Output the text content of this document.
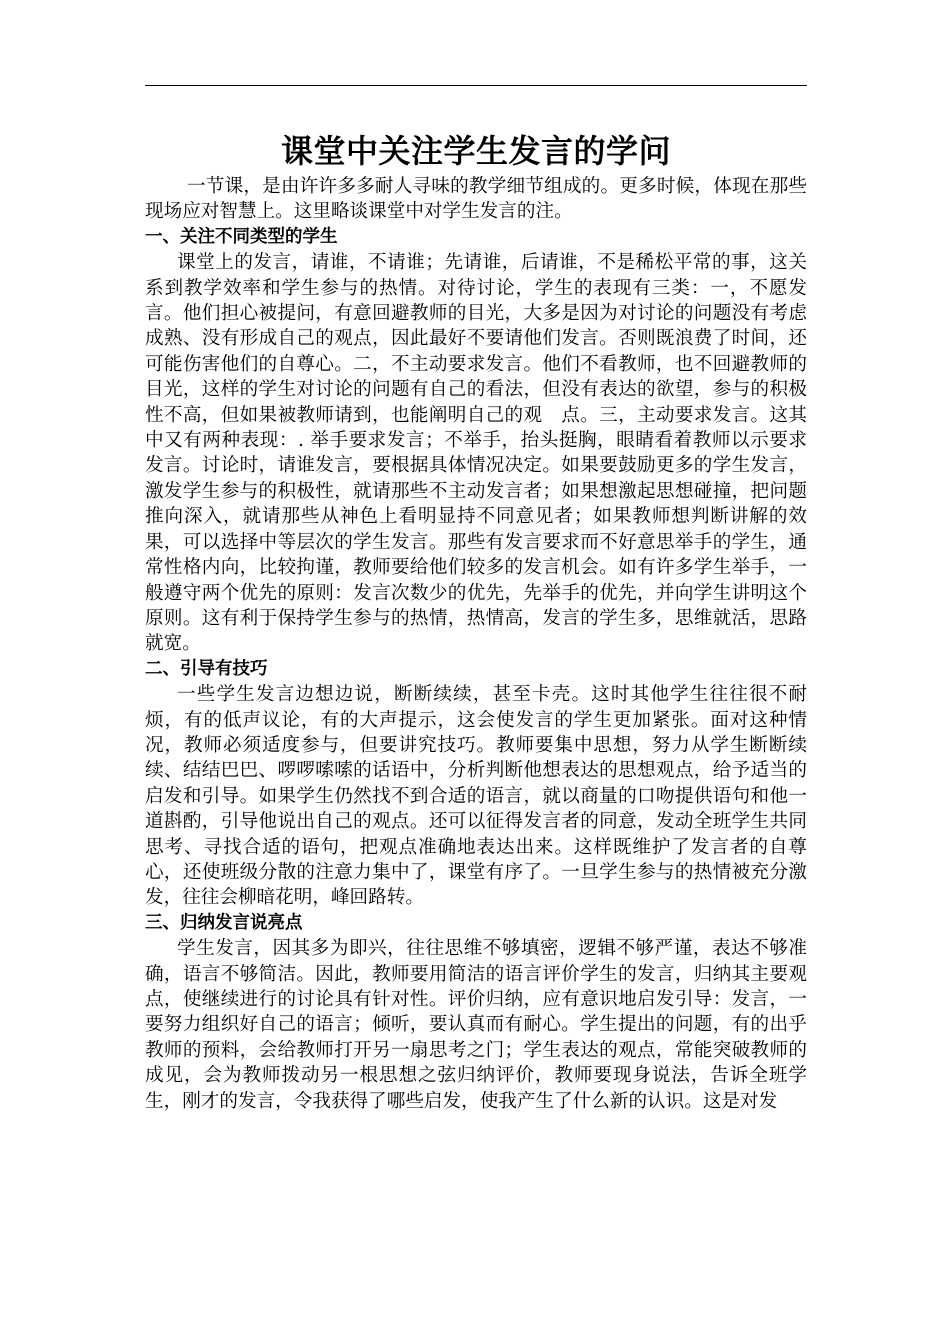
课堂中关注学生发言的学问

一节课，是由许许多多耐人寻味的教学细节组成的。更多时候，体现在那些现场应对智慧上。这里略谈课堂中对学生发言的注。

一、关注不同类型的学生

课堂上的发言，请谁，不请谁；先请谁，后请谁，不是稀松平常的事，这关系到教学效率和学生参与的热情。对待讨论，学生的表现有三类：一，不愿发言。他们担心被提问，有意回避教师的目光，大多是因为对讨论的问题没有考虑成熟、没有形成自己的观点，因此最好不要请他们发言。否则既浪费了时间，还可能伤害他们的自尊心。二，不主动要求发言。他们不看教师，也不回避教师的目光，这样的学生对讨论的问题有自己的看法，但没有表达的欲望，参与的积极性不高，但如果被教师请到，也能阐明自己的观　点。三，主动要求发言。这其中又有两种表现：. 举手要求发言；不举手，抬头挺胸，眼睛看着教师以示要求发言。讨论时，请谁发言，要根据具体情况决定。如果要鼓励更多的学生发言，激发学生参与的积极性，就请那些不主动发言者；如果想激起思想碰撞，把问题推向深入，就请那些从神色上看明显持不同意见者；如果教师想判断讲解的效果，可以选择中等层次的学生发言。那些有发言要求而不好意思举手的学生，通常性格内向，比较拘谨，教师要给他们较多的发言机会。如有许多学生举手，一般遵守两个优先的原则：发言次数少的优先，先举手的优先，并向学生讲明这个原则。这有利于保持学生参与的热情，热情高，发言的学生多，思维就活，思路就宽。

二、引导有技巧

一些学生发言边想边说，断断续续，甚至卡壳。这时其他学生往往很不耐烦，有的低声议论，有的大声提示，这会使发言的学生更加紧张。面对这种情况，教师必须适度参与，但要讲究技巧。教师要集中思想，努力从学生断断续续、结结巴巴、啰啰嗦嗦的话语中，分析判断他想表达的思想观点，给予适当的启发和引导。如果学生仍然找不到合适的语言，就以商量的口吻提供语句和他一道斟酌，引导他说出自己的观点。还可以征得发言者的同意，发动全班学生共同思考、寻找合适的语句，把观点准确地表达出来。这样既维护了发言者的自尊心，还使班级分散的注意力集中了，课堂有序了。一旦学生参与的热情被充分激发，往往会柳暗花明，峰回路转。

三、归纳发言说亮点

学生发言，因其多为即兴，往往思维不够填密，逻辑不够严谨，表达不够准确，语言不够简洁。因此，教师要用简洁的语言评价学生的发言，归纳其主要观点，使继续进行的讨论具有针对性。评价归纳，应有意识地启发引导：发言，一要努力组织好自己的语言；倾听，要认真而有耐心。学生提出的问题，有的出乎教师的预料，会给教师打开另一扇思考之门；学生表达的观点，常能突破教师的成见，会为教师拨动另一根思想之弦归纳评价，教师要现身说法，告诉全班学生，刚才的发言，令我获得了哪些启发，使我产生了什么新的认识。这是对发
